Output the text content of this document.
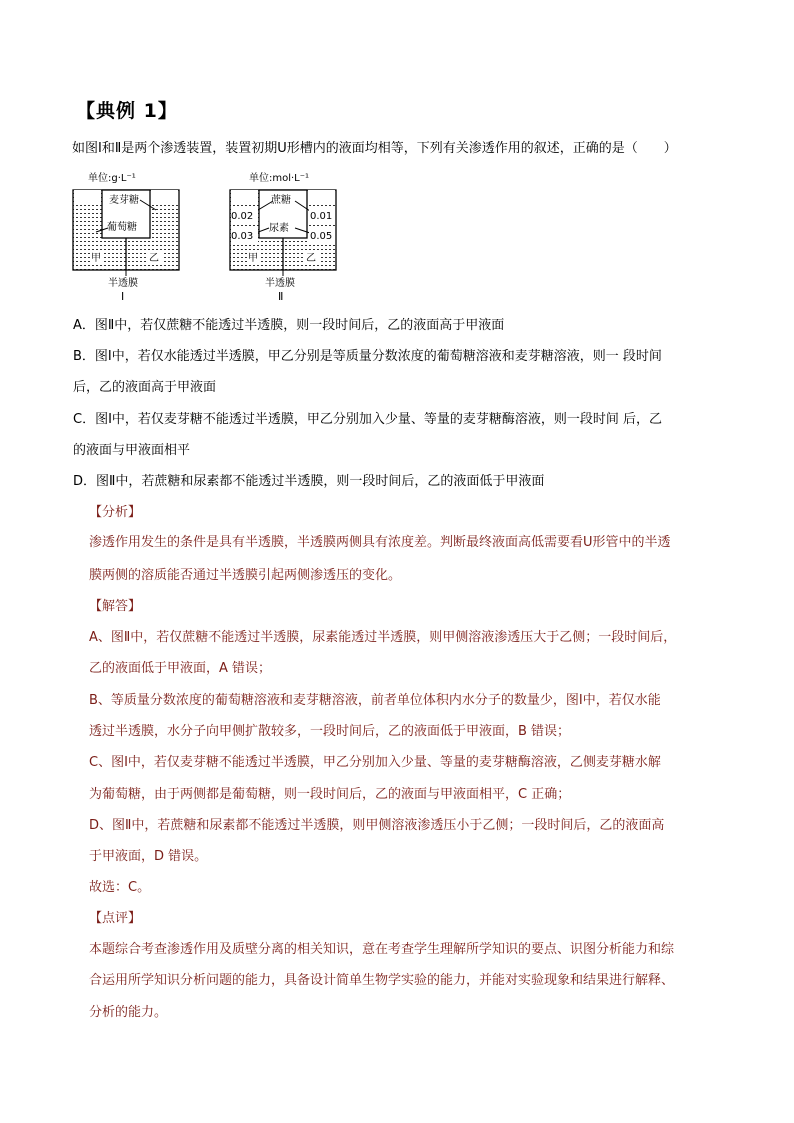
【典例 1】
如图Ⅰ和Ⅱ是两个渗透装置，装置初期U形槽内的液面均相等，下列有关渗透作用的叙述，正确的是（　　）
单位:g·L⁻¹
麦芽糖
葡萄糖
甲	乙
半透膜
Ⅰ
单位:mol·L⁻¹
蔗糖
尿素
0.02
0.03
0.01
0.05
甲	乙
半透膜
Ⅱ
A．图Ⅱ中，若仅蔗糖不能透过半透膜，则一段时间后，乙的液面高于甲液面
B．图Ⅰ中，若仅水能透过半透膜，甲乙分别是等质量分数浓度的葡萄糖溶液和麦芽糖溶液，则一 段时间
后，乙的液面高于甲液面
C．图Ⅰ中，若仅麦芽糖不能透过半透膜，甲乙分别加入少量、等量的麦芽糖酶溶液，则一段时间 后，乙
的液面与甲液面相平
D．图Ⅱ中，若蔗糖和尿素都不能透过半透膜，则一段时间后，乙的液面低于甲液面
【分析】
渗透作用发生的条件是具有半透膜，半透膜两侧具有浓度差。判断最终液面高低需要看U形管中的半透
膜两侧的溶质能否通过半透膜引起两侧渗透压的变化。
【解答】
A、图Ⅱ中，若仅蔗糖不能透过半透膜，尿素能透过半透膜，则甲侧溶液渗透压大于乙侧；一段时间后，
乙的液面低于甲液面，A 错误；
B、等质量分数浓度的葡萄糖溶液和麦芽糖溶液，前者单位体积内水分子的数量少，图Ⅰ中，若仅水能
透过半透膜，水分子向甲侧扩散较多，一段时间后，乙的液面低于甲液面，B 错误；
C、图Ⅰ中，若仅麦芽糖不能透过半透膜，甲乙分别加入少量、等量的麦芽糖酶溶液，乙侧麦芽糖水解
为葡萄糖，由于两侧都是葡萄糖，则一段时间后，乙的液面与甲液面相平，C 正确；
D、图Ⅱ中，若蔗糖和尿素都不能透过半透膜，则甲侧溶液渗透压小于乙侧；一段时间后，乙的液面高
于甲液面，D 错误。
故选：C。
【点评】
本题综合考查渗透作用及质壁分离的相关知识，意在考查学生理解所学知识的要点、识图分析能力和综
合运用所学知识分析问题的能力，具备设计简单生物学实验的能力，并能对实验现象和结果进行解释、
分析的能力。
